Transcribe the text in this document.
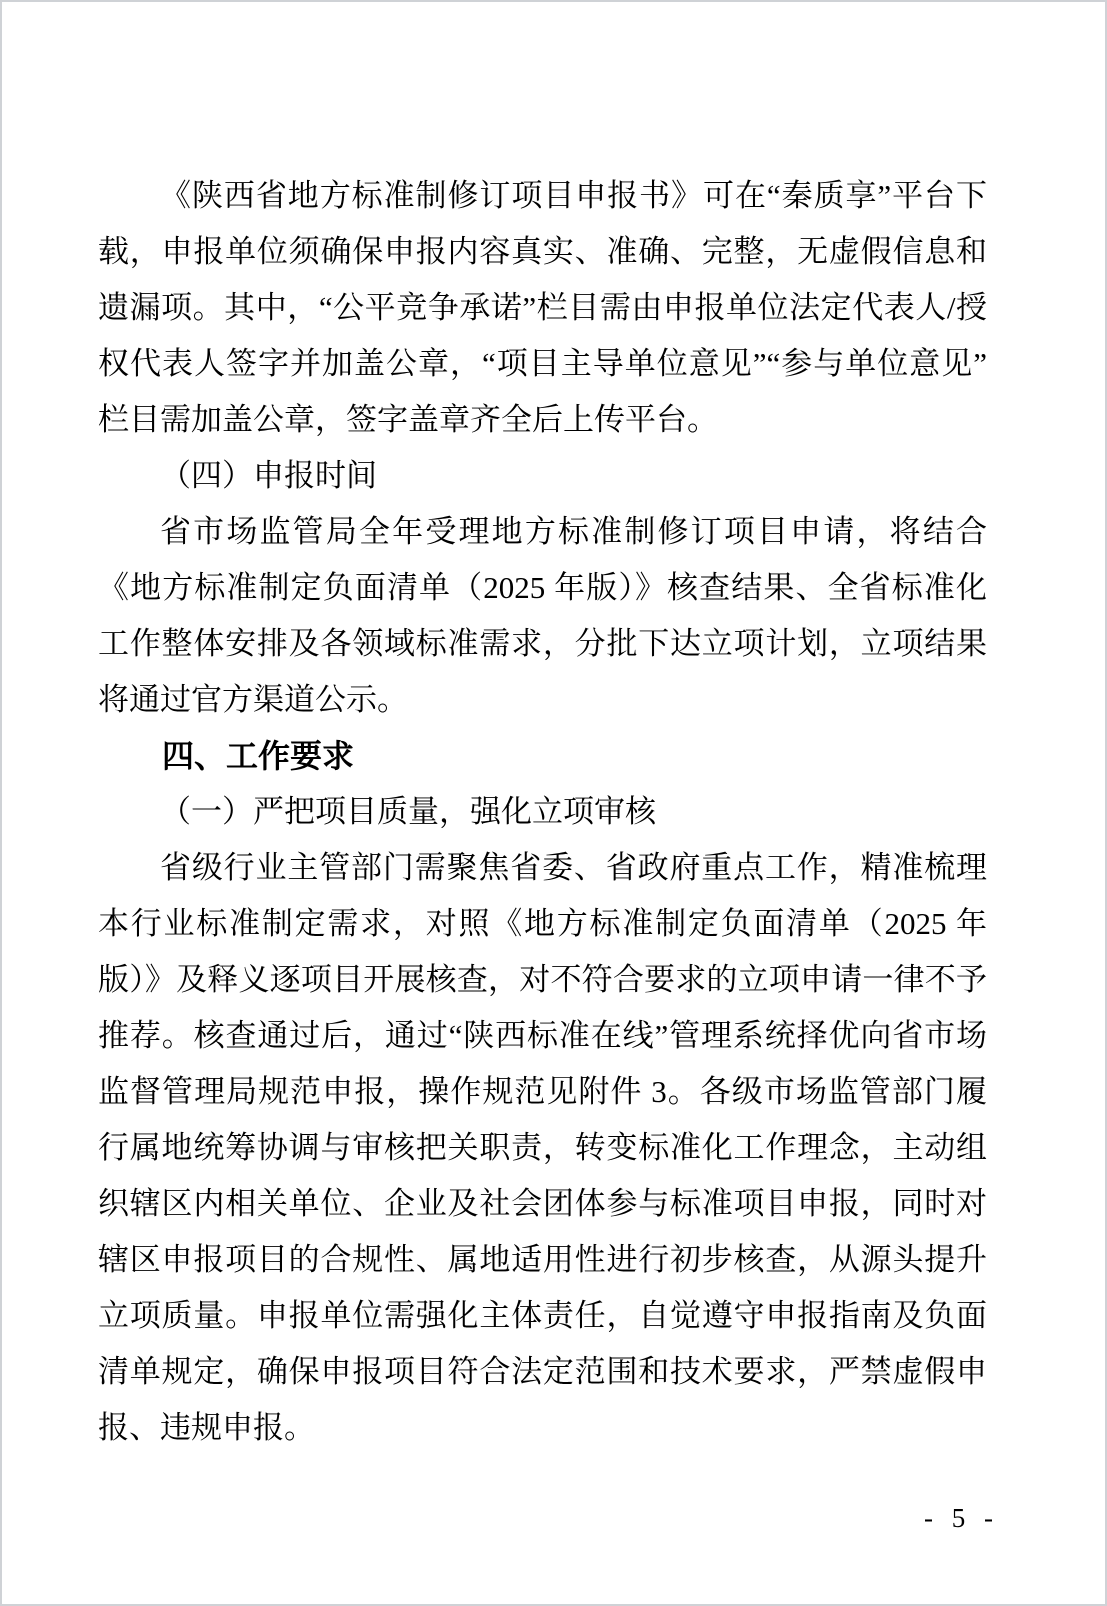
《陕西省地方标准制修订项目申报书》可在“秦质享”平台下载，申报单位须确保申报内容真实、准确、完整，无虚假信息和遗漏项。其中，“公平竞争承诺”栏目需由申报单位法定代表人/授权代表人签字并加盖公章，“项目主导单位意见”“参与单位意见”栏目需加盖公章，签字盖章齐全后上传平台。

（四）申报时间

省市场监管局全年受理地方标准制修订项目申请，将结合《地方标准制定负面清单（2025 年版）》核查结果、全省标准化工作整体安排及各领域标准需求，分批下达立项计划，立项结果将通过官方渠道公示。

四、工作要求

（一）严把项目质量，强化立项审核

省级行业主管部门需聚焦省委、省政府重点工作，精准梳理本行业标准制定需求，对照《地方标准制定负面清单（2025 年版）》及释义逐项目开展核查，对不符合要求的立项申请一律不予推荐。核查通过后，通过“陕西标准在线”管理系统择优向省市场监督管理局规范申报，操作规范见附件 3。各级市场监管部门履行属地统筹协调与审核把关职责，转变标准化工作理念，主动组织辖区内相关单位、企业及社会团体参与标准项目申报，同时对辖区申报项目的合规性、属地适用性进行初步核查，从源头提升立项质量。申报单位需强化主体责任，自觉遵守申报指南及负面清单规定，确保申报项目符合法定范围和技术要求，严禁虚假申报、违规申报。

- 5 -
